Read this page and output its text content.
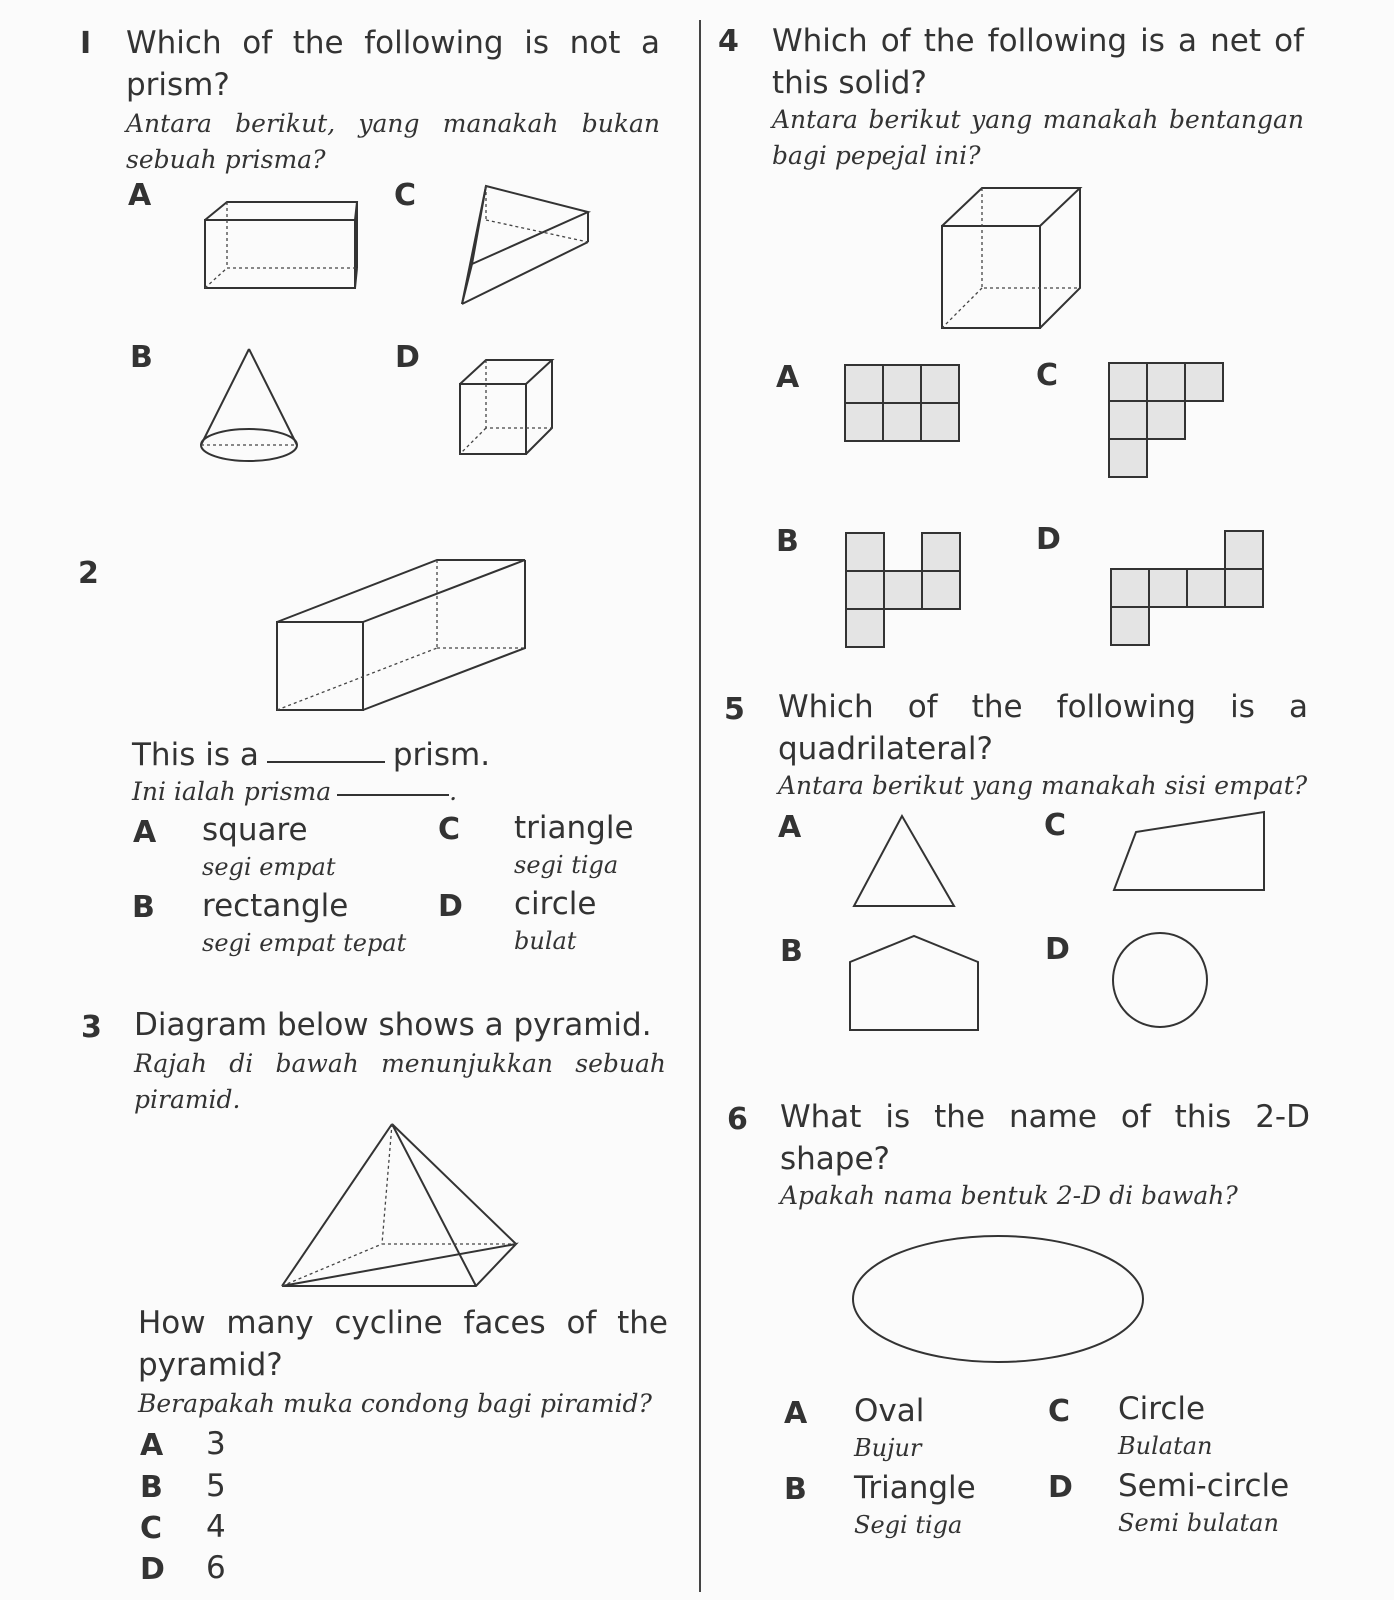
I Which of the following is not a prism?
Antara berikut, yang manakah bukan sebuah prisma?
A	C
B	D
2
This is a	prism.
Ini ialah prisma	.
A square
segi empat
C triangle
segi tiga
B rectangle
segi empat tepat
D circle
bulat
3 Diagram below shows a pyramid.
Rajah di bawah menunjukkan sebuah piramid.
How many cycline faces of the pyramid?
Berapakah muka condong bagi piramid?
A 3
B 5
C 4
D 6
4 Which of the following is a net of this solid?
Antara berikut yang manakah bentangan bagi pepejal ini?
A	C
B	D
5 Which of the following is a quadrilateral?
Antara berikut yang manakah sisi empat?
A	C
B	D
6 What is the name of this 2-D shape?
Apakah nama bentuk 2-D di bawah?
A Oval
Bujur
C Circle
Bulatan
B Triangle
Segi tiga
D Semi-circle
Semi bulatan
